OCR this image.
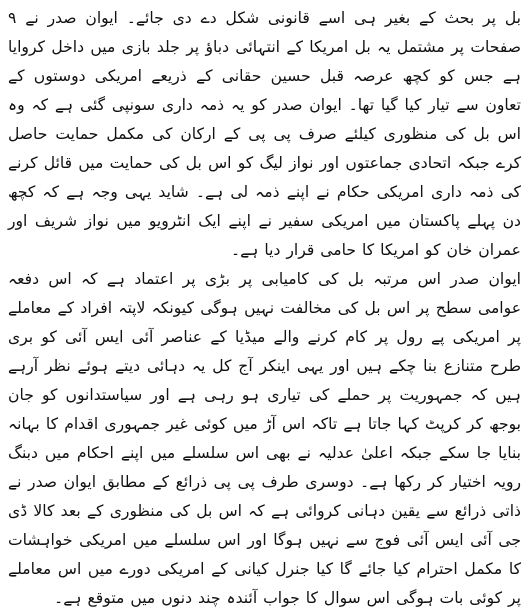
بل پر بحث کے بغیر ہی اسے قانونی شکل دے دی جائے۔ ایوان صدر نے ۹ صفحات پر مشتمل یہ بل امریکا کے انتہائی دباؤ پر جلد بازی میں داخل کروایا ہے جس کو کچھ عرصہ قبل حسین حقانی کے ذریعے امریکی دوستوں کے تعاون سے تیار کیا گیا تھا۔ ایوان صدر کو یہ ذمہ داری سونپی گئی ہے کہ وہ اس بل کی منظوری کیلئے صرف پی پی کے ارکان کی مکمل حمایت حاصل کرے جبکہ اتحادی جماعتوں اور نواز لیگ کو اس بل کی حمایت میں قائل کرنے کی ذمہ داری امریکی حکام نے اپنے ذمہ لی ہے۔ شاید یہی وجہ ہے کہ کچھ دن پہلے پاکستان میں امریکی سفیر نے اپنے ایک انٹرویو میں نواز شریف اور عمران خان کو امریکا کا حامی قرار دیا ہے۔

ایوان صدر اس مرتبہ بل کی کامیابی پر بڑی پر اعتماد ہے کہ اس دفعہ عوامی سطح پر اس بل کی مخالفت نہیں ہوگی کیونکہ لاپتہ افراد کے معاملے پر امریکی پے رول پر کام کرنے والے میڈیا کے عناصر آئی ایس آئی کو بری طرح متنازع بنا چکے ہیں اور یہی اینکر آج کل یہ دہائی دیتے ہوئے نظر آرہے ہیں کہ جمہوریت پر حملے کی تیاری ہو رہی ہے اور سیاستدانوں کو جان بوجھ کر کرپٹ کہا جاتا ہے تاکہ اس آڑ میں کوئی غیر جمہوری اقدام کا بہانہ بنایا جا سکے جبکہ اعلیٰ عدلیہ نے بھی اس سلسلے میں اپنے احکام میں دبنگ رویہ اختیار کر رکھا ہے۔ دوسری طرف پی پی ذرائع کے مطابق ایوان صدر نے ذاتی ذرائع سے یقین دہانی کروائی ہے کہ اس بل کی منظوری کے بعد کالا ڈی جی آئی ایس آئی فوج سے نہیں ہوگا اور اس سلسلے میں امریکی خواہشات کا مکمل احترام کیا جائے گا کیا جنرل کیانی کے امریکی دورے میں اس معاملے پر کوئی بات ہوگی اس سوال کا جواب آئندہ چند دنوں میں متوقع ہے۔
